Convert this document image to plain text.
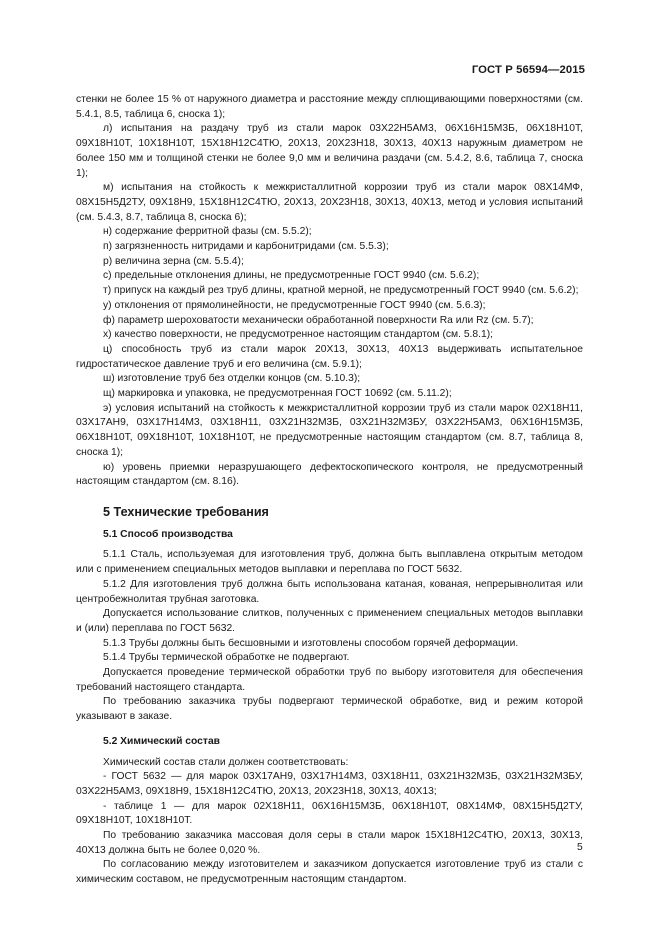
ГОСТ Р 56594—2015

стенки не более 15 % от наружного диаметра и расстояние между сплющивающими поверхностями (см. 5.4.1, 8.5, таблица 6, сноска 1);

л) испытания на раздачу труб из стали марок 03Х22Н5АМ3, 06Х16Н15М3Б, 06Х18Н10Т, 09Х18Н10Т, 10Х18Н10Т, 15Х18Н12С4ТЮ, 20Х13, 20Х23Н18, 30Х13, 40Х13 наружным диаметром не более 150 мм и толщиной стенки не более 9,0 мм и величина раздачи (см. 5.4.2, 8.6, таблица 7, сноска 1);

м) испытания на стойкость к межкристаллитной коррозии труб из стали марок 08Х14МФ, 08Х15Н5Д2ТУ, 09Х18Н9, 15Х18Н12С4ТЮ, 20Х13, 20Х23Н18, 30Х13, 40Х13, метод и условия испытаний (см. 5.4.3, 8.7, таблица 8, сноска 6);

н) содержание ферритной фазы (см. 5.5.2);

п) загрязненность нитридами и карбонитридами (см. 5.5.3);

р) величина зерна (см. 5.5.4);

с) предельные отклонения длины, не предусмотренные ГОСТ 9940 (см. 5.6.2);

т) припуск на каждый рез труб длины, кратной мерной, не предусмотренный ГОСТ 9940 (см. 5.6.2);

у) отклонения от прямолинейности, не предусмотренные ГОСТ 9940 (см. 5.6.3);

ф) параметр шероховатости механически обработанной поверхности Ra или Rz (см. 5.7);

х) качество поверхности, не предусмотренное настоящим стандартом (см. 5.8.1);

ц) способность труб из стали марок 20Х13, 30Х13, 40Х13 выдерживать испытательное гидростатическое давление труб и его величина (см. 5.9.1);

ш) изготовление труб без отделки концов (см. 5.10.3);

щ) маркировка и упаковка, не предусмотренная ГОСТ 10692 (см. 5.11.2);

э) условия испытаний на стойкость к межкристаллитной коррозии труб из стали марок 02Х18Н11, 03Х17АН9, 03Х17Н14М3, 03Х18Н11, 03Х21Н32М3Б, 03Х21Н32М3БУ, 03Х22Н5АМ3, 06Х16Н15М3Б, 06Х18Н10Т, 09Х18Н10Т, 10Х18Н10Т, не предусмотренные настоящим стандартом (см. 8.7, таблица 8, сноска 1);

ю) уровень приемки неразрушающего дефектоскопического контроля, не предусмотренный настоящим стандартом (см. 8.16).

5 Технические требования

5.1 Способ производства

5.1.1 Сталь, используемая для изготовления труб, должна быть выплавлена открытым методом или с применением специальных методов выплавки и переплава по ГОСТ 5632.

5.1.2 Для изготовления труб должна быть использована катаная, кованая, непрерывнолитая или центробежнолитая трубная заготовка.

Допускается использование слитков, полученных с применением специальных методов выплавки и (или) переплава по ГОСТ 5632.

5.1.3 Трубы должны быть бесшовными и изготовлены способом горячей деформации.

5.1.4 Трубы термической обработке не подвергают.

Допускается проведение термической обработки труб по выбору изготовителя для обеспечения требований настоящего стандарта.

По требованию заказчика трубы подвергают термической обработке, вид и режим которой указывают в заказе.

5.2 Химический состав

Химический состав стали должен соответствовать:

- ГОСТ 5632 — для марок 03Х17АН9, 03Х17Н14М3, 03Х18Н11, 03Х21Н32М3Б, 03Х21Н32М3БУ, 03Х22Н5АМ3, 09Х18Н9, 15Х18Н12С4ТЮ, 20Х13, 20Х23Н18, 30Х13, 40Х13;

- таблице 1 — для марок 02Х18Н11, 06Х16Н15М3Б, 06Х18Н10Т, 08Х14МФ, 08Х15Н5Д2ТУ, 09Х18Н10Т, 10Х18Н10Т.

По требованию заказчика массовая доля серы в стали марок 15Х18Н12С4ТЮ, 20Х13, 30Х13, 40Х13 должна быть не более 0,020 %.

По согласованию между изготовителем и заказчиком допускается изготовление труб из стали с химическим составом, не предусмотренным настоящим стандартом.

5
